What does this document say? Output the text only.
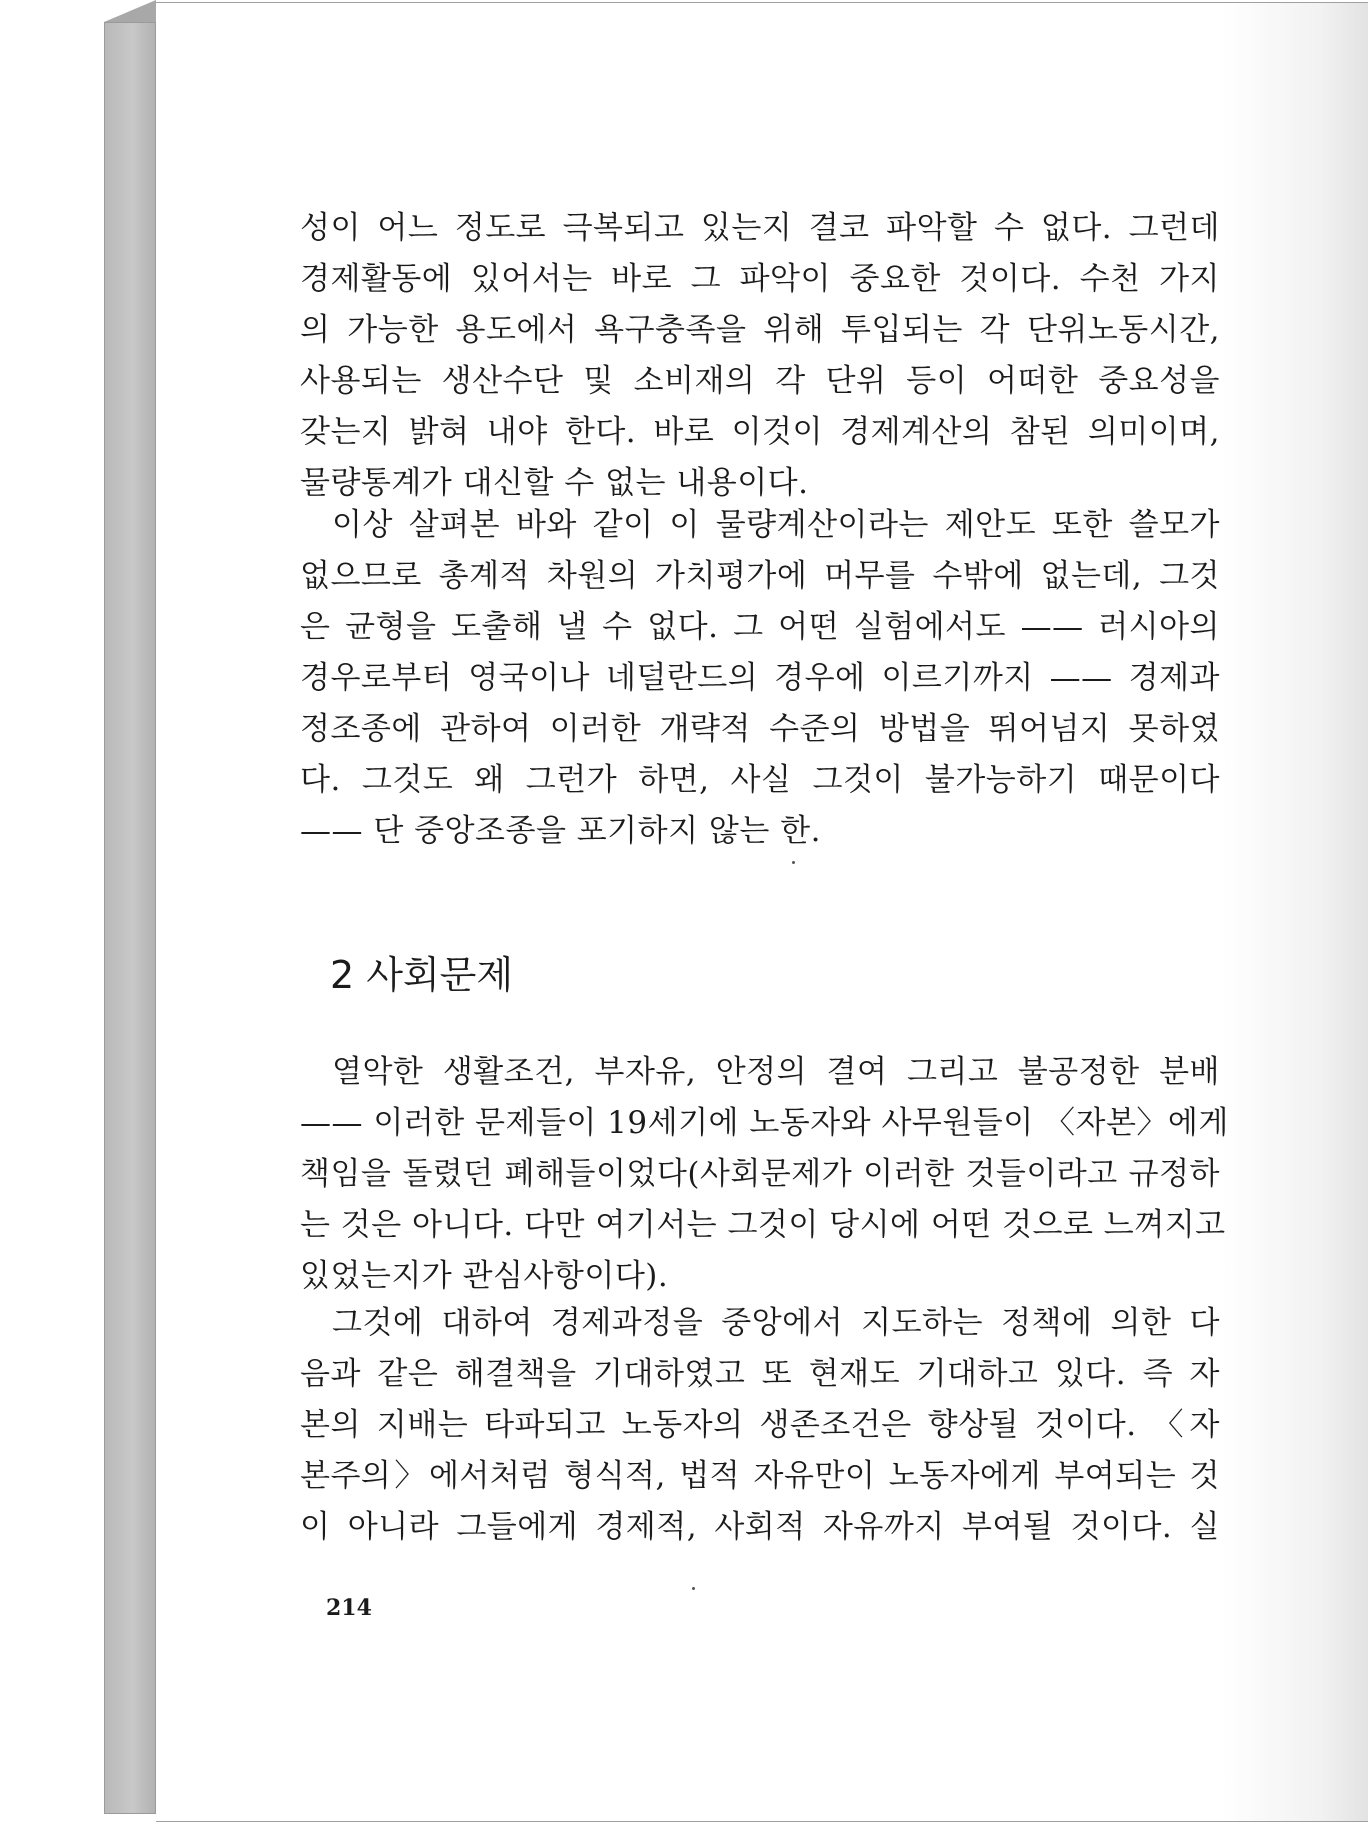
성이 어느 정도로 극복되고 있는지 결코 파악할 수 없다. 그런데
경제활동에 있어서는 바로 그 파악이 중요한 것이다. 수천 가지
의 가능한 용도에서 욕구충족을 위해 투입되는 각 단위노동시간,
사용되는 생산수단 및 소비재의 각 단위 등이 어떠한 중요성을
갖는지 밝혀 내야 한다. 바로 이것이 경제계산의 참된 의미이며,
물량통계가 대신할 수 없는 내용이다.
이상 살펴본 바와 같이 이 물량계산이라는 제안도 또한 쓸모가
없으므로 총계적 차원의 가치평가에 머무를 수밖에 없는데, 그것
은 균형을 도출해 낼 수 없다. 그 어떤 실험에서도 —— 러시아의
경우로부터 영국이나 네덜란드의 경우에 이르기까지 —— 경제과
정조종에 관하여 이러한 개략적 수준의 방법을 뛰어넘지 못하였
다. 그것도 왜 그런가 하면, 사실 그것이 불가능하기 때문이다
—— 단 중앙조종을 포기하지 않는 한.
2 사회문제
열악한 생활조건, 부자유, 안정의 결여 그리고 불공정한 분배
—— 이러한 문제들이 19세기에 노동자와 사무원들이 〈자본〉에게
책임을 돌렸던 폐해들이었다(사회문제가 이러한 것들이라고 규정하
는 것은 아니다. 다만 여기서는 그것이 당시에 어떤 것으로 느껴지고
있었는지가 관심사항이다).
그것에 대하여 경제과정을 중앙에서 지도하는 정책에 의한 다
음과 같은 해결책을 기대하였고 또 현재도 기대하고 있다. 즉 자
본의 지배는 타파되고 노동자의 생존조건은 향상될 것이다. 〈자
본주의〉에서처럼 형식적, 법적 자유만이 노동자에게 부여되는 것
이 아니라 그들에게 경제적, 사회적 자유까지 부여될 것이다. 실
214
